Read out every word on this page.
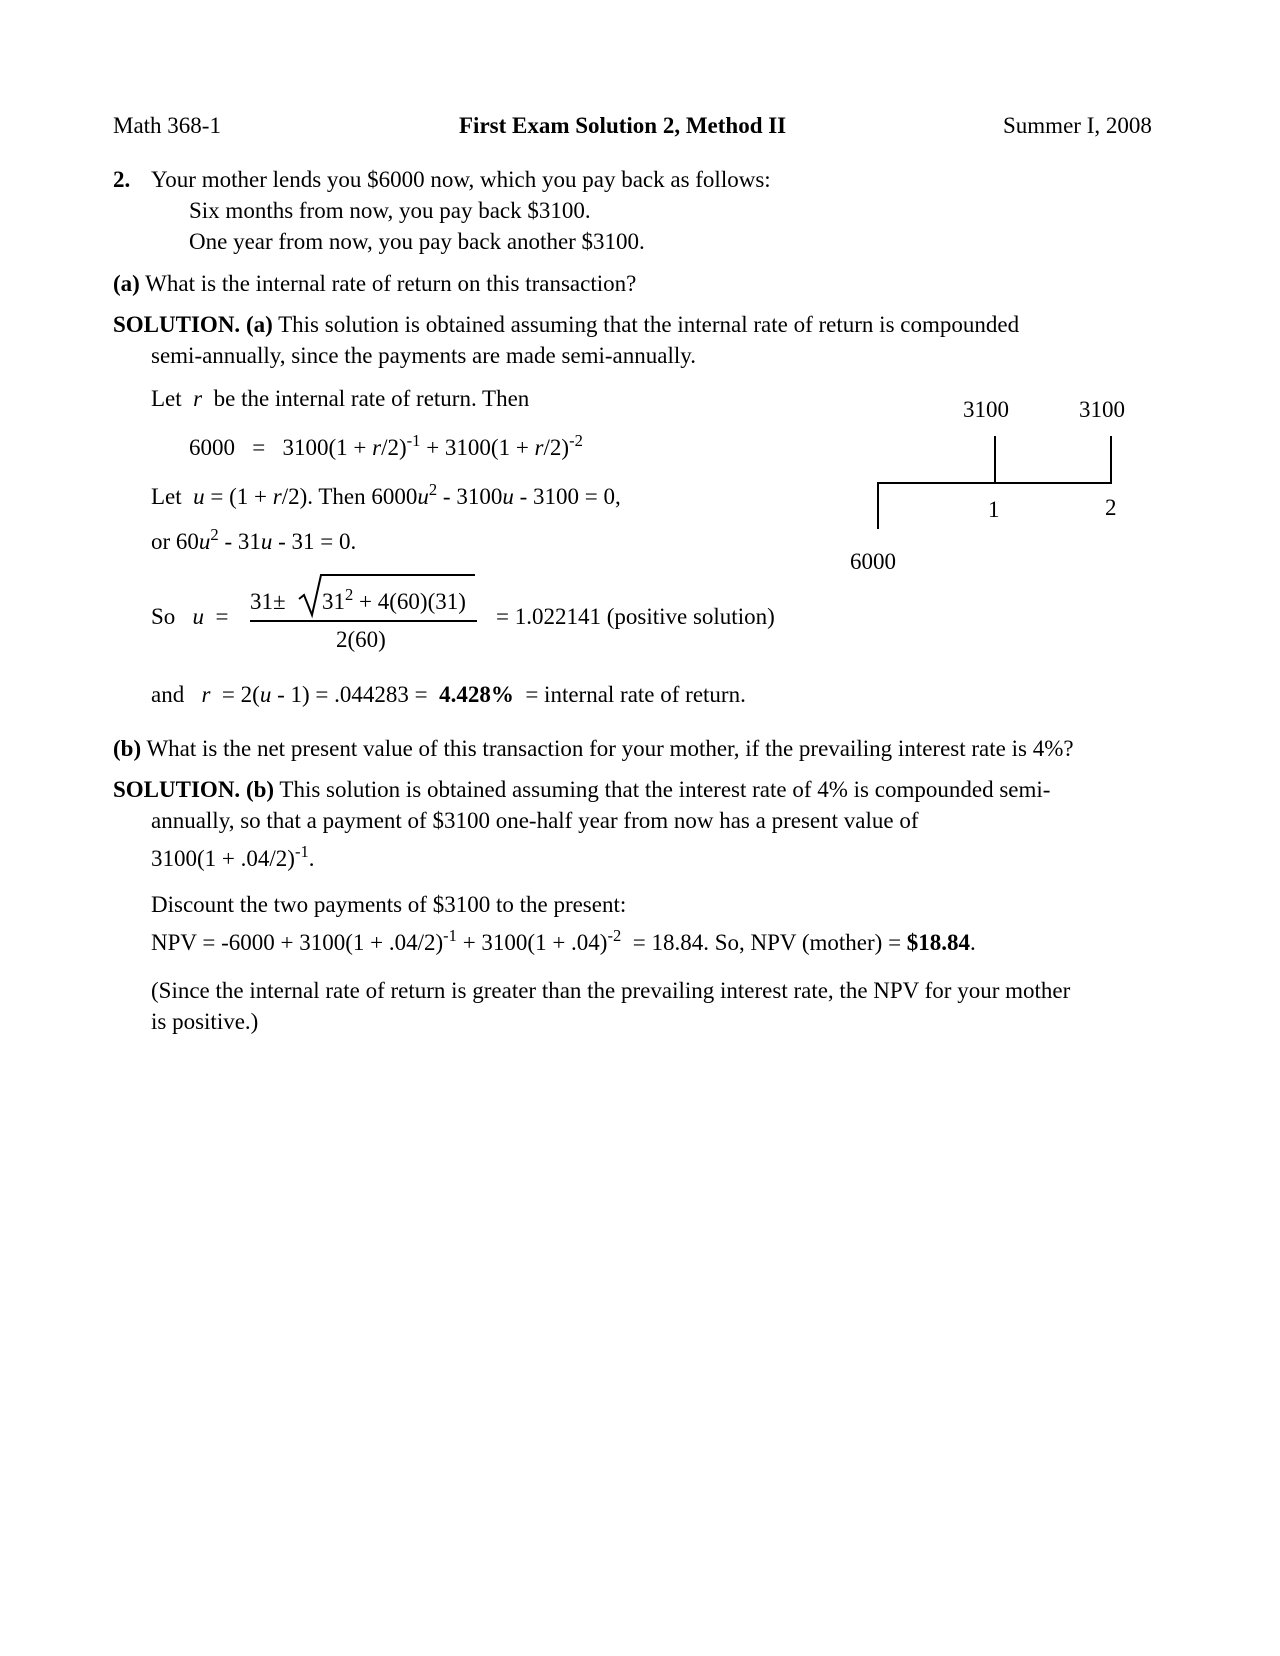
Math 368-1	First Exam Solution 2, Method II	Summer I, 2008
2. Your mother lends you $6000 now, which you pay back as follows:
Six months from now, you pay back $3100.
One year from now, you pay back another $3100.
(a) What is the internal rate of return on this transaction?
SOLUTION. (a) This solution is obtained assuming that the internal rate of return is compounded
semi-annually, since the payments are made semi-annually.
Let r be the internal rate of return. Then
$6000 = 3100(1 + r/2)^{-1} + 3100(1 + r/2)^{-2}$
Let u = (1 + r/2). Then $6000u^2 - 3100u - 3100 = 0$,
or $60u^2 - 31u - 31 = 0$.
So u =
$31\pm 31^2 + 4(60)(31)$
2(60)
= 1.022141 (positive solution)
and r = 2(u - 1) = .044283 = 4.428% = internal rate of return.
3100	3100
1	2
6000
(b) What is the net present value of this transaction for your mother, if the prevailing interest rate is 4%?
SOLUTION. (b) This solution is obtained assuming that the interest rate of 4% is compounded semi-
annually, so that a payment of $3100 one-half year from now has a present value of
$3100(1 + .04/2)^{-1}$.
Discount the two payments of $3100 to the present:
NPV = $-6000 + 3100(1 + .04/2)^{-1} + 3100(1 + .04)^{-2} = 18.84$. So, NPV (mother) = $18.84.
(Since the internal rate of return is greater than the prevailing interest rate, the NPV for your mother
is positive.)
